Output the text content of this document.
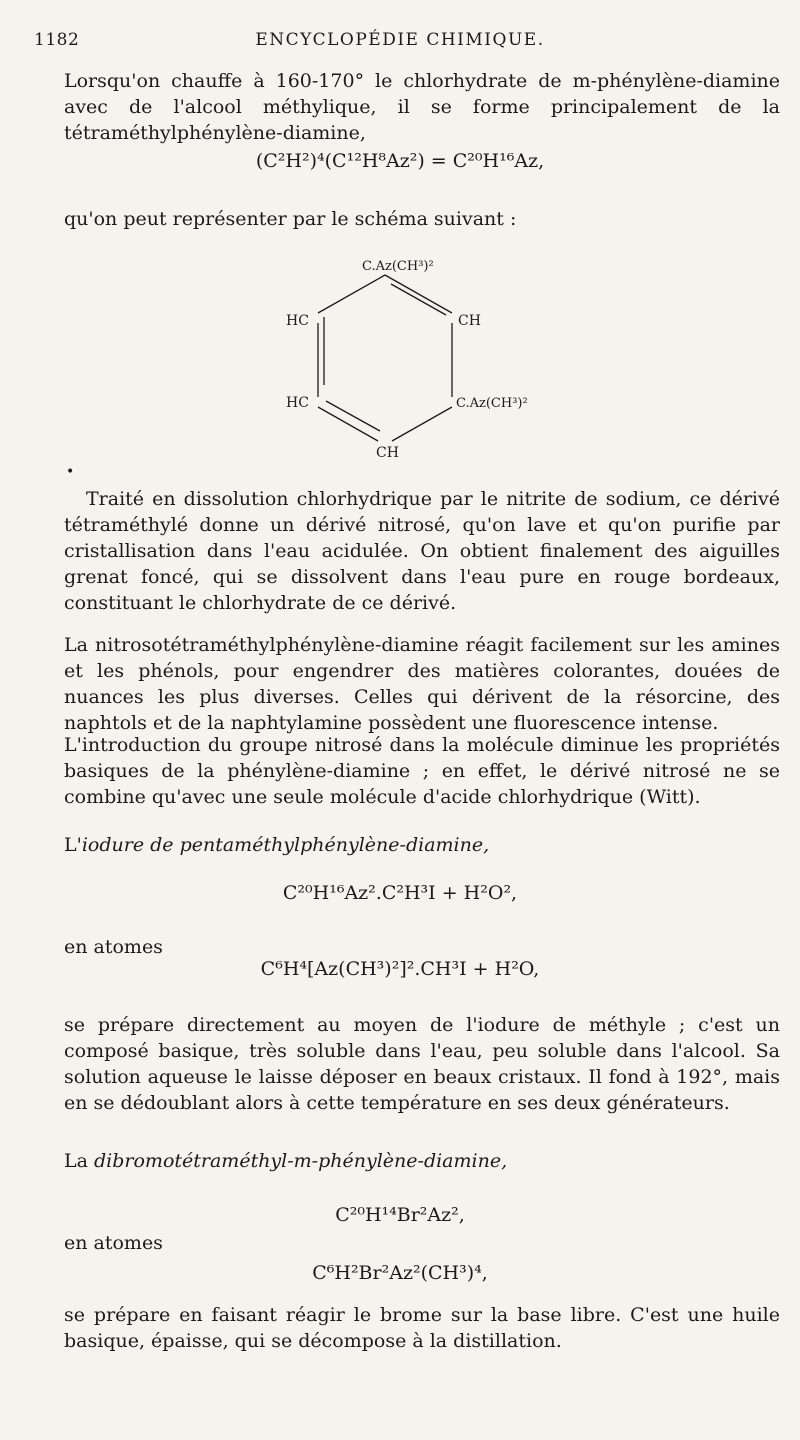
1182	ENCYCLOPÉDIE CHIMIQUE.
Lorsqu'on chauffe à 160-170° le chlorhydrate de m-phénylène-diamine avec de l'alcool méthylique, il se forme principalement de la tétraméthylphénylène-diamine,
(C²H²)⁴(C¹²H⁸Az²) = C²⁰H¹⁶Az,
qu'on peut représenter par le schéma suivant :
C.Az(CH³)²
HC	CH
HC	C.Az(CH³)²
CH
•
Traité en dissolution chlorhydrique par le nitrite de sodium, ce dérivé tétraméthylé donne un dérivé nitrosé, qu'on lave et qu'on purifie par cristallisation dans l'eau acidulée. On obtient finalement des aiguilles grenat foncé, qui se dissolvent dans l'eau pure en rouge bordeaux, constituant le chlorhydrate de ce dérivé.
La nitrosotétraméthylphénylène-diamine réagit facilement sur les amines et les phénols, pour engendrer des matières colorantes, douées de nuances les plus diverses. Celles qui dérivent de la résorcine, des naphtols et de la naphtylamine possèdent une fluorescence intense.
L'introduction du groupe nitrosé dans la molécule diminue les propriétés basiques de la phénylène-diamine ; en effet, le dérivé nitrosé ne se combine qu'avec une seule molécule d'acide chlorhydrique (Witt).
L'iodure de pentaméthylphénylène-diamine,
C²⁰H¹⁶Az².C²H³I + H²O²,
en atomes
C⁶H⁴[Az(CH³)²]².CH³I + H²O,
se prépare directement au moyen de l'iodure de méthyle ; c'est un composé basique, très soluble dans l'eau, peu soluble dans l'alcool. Sa solution aqueuse le laisse déposer en beaux cristaux. Il fond à 192°, mais en se dédoublant alors à cette température en ses deux générateurs.
La dibromotétraméthyl-m-phénylène-diamine,
C²⁰H¹⁴Br²Az²,
en atomes
C⁶H²Br²Az²(CH³)⁴,
se prépare en faisant réagir le brome sur la base libre. C'est une huile basique, épaisse, qui se décompose à la distillation.
